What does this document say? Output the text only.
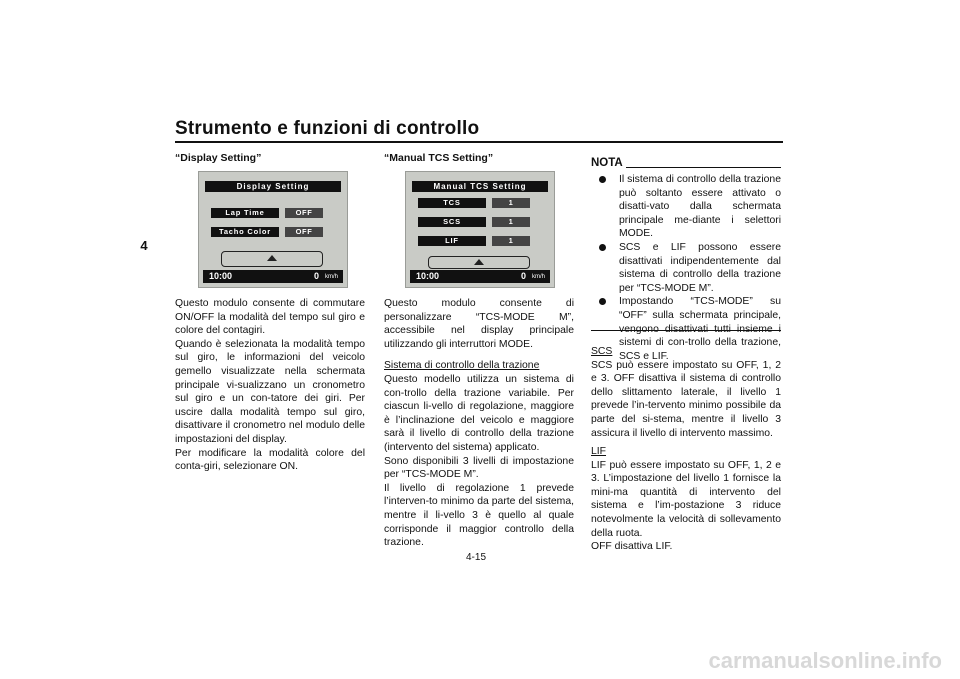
Strumento e funzioni di controllo
4
“Display Setting”
Display Setting
Lap Time	OFF
Tacho Color	OFF
10:00	0 km/h

Questo modulo consente di commutare ON/OFF la modalità del tempo sul giro e colore del contagiri.

Quando è selezionata la modalità tempo sul giro, le informazioni del veicolo gemello visualizzate nella schermata principale vi-sualizzano un cronometro sul giro e un con-tatore dei giri. Per uscire dalla modalità tempo sul giro, disattivare il cronometro nel modulo delle impostazioni del display.

Per modificare la modalità colore del conta-giri, selezionare ON.

“Manual TCS Setting”
Manual TCS Setting
TCS	1
SCS	1
LIF	1
10:00	0 km/h

Questo modulo consente di personalizzare “TCS-MODE M”, accessibile nel display principale utilizzando gli interruttori MODE.

Sistema di controllo della trazione

Questo modello utilizza un sistema di con-trollo della trazione variabile. Per ciascun li-vello di regolazione, maggiore è l’inclinazione del veicolo e maggiore sarà il livello di controllo della trazione (intervento del sistema) applicato.

Sono disponibili 3 livelli di impostazione per “TCS-MODE M”.

Il livello di regolazione 1 prevede l’interven-to minimo da parte del sistema, mentre il li-vello 3 è quello al quale corrisponde il maggior controllo della trazione.

NOTA
Il sistema di controllo della trazione può soltanto essere attivato o disatti-vato dalla schermata principale me-diante i selettori MODE.
SCS e LIF possono essere disattivati indipendentemente dal sistema di controllo della trazione per “TCS-MODE M”.
Impostando “TCS-MODE” su “OFF” sulla schermata principale, sistemi di con-trollo della trazione, SCS e LIF.

SCS

SCS può essere impostato su OFF, 1, 2 e 3. OFF disattiva il sistema di controllo dello slittamento laterale, il livello 1 prevede l’in-tervento minimo possibile da parte del si-stema, mentre il livello 3 assicura il livello di intervento massimo.

LIF

LIF può essere impostato su OFF, 1, 2 e 3. L’impostazione del livello 1 fornisce la mini-ma quantità di intervento del sistema e l’im-postazione 3 riduce notevolmente la velocità di sollevamento della ruota.

OFF disattiva LIF.

4-15
carmanualsonline.info
